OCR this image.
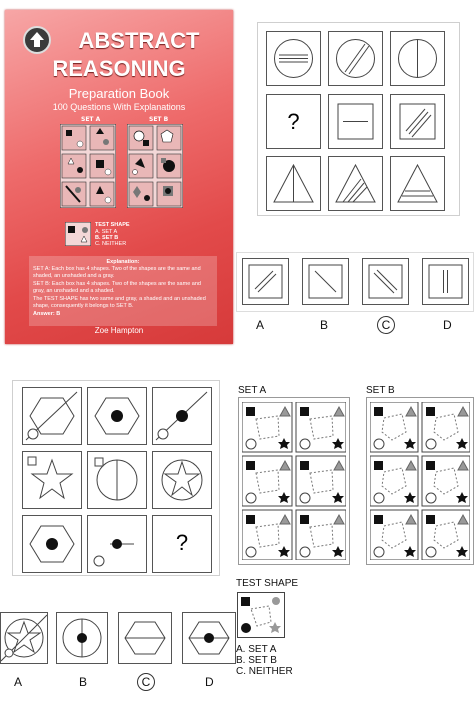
ABSTRACT
REASONING
Preparation Book
100 Questions With Explanations
SET A	SET B
TEST SHAPE
A. SET A
B. SET B
C. NEITHER
Explanation:
SET A: Each box has 4 shapes. Two of the shapes are the same and shaded, an unshaded and a gray.
SET B: Each box has 4 shapes. Two of the shapes are the same and gray, an unshaded and a shaded.
The TEST SHAPE has two same and gray, a shaded and an unshaded shape, consequently it belongs to SET B.
Answer: B
Zoe Hampton
?
A	B	C	D
?
A	B	C	D
SET A	SET B
TEST SHAPE
A. SET A
B. SET B
C. NEITHER
